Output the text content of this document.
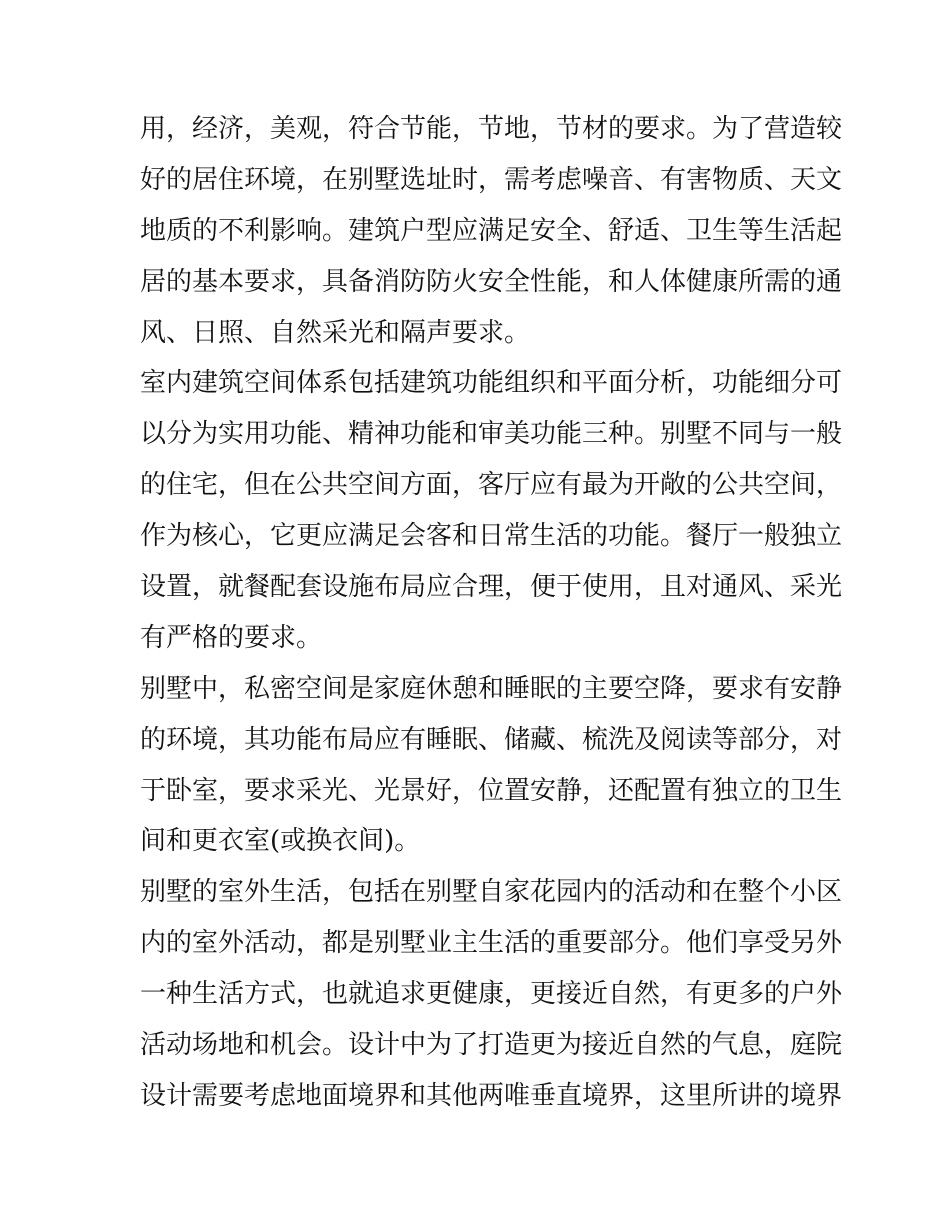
用，经济，美观，符合节能，节地，节材的要求。为了营造较
好的居住环境，在别墅选址时，需考虑噪音、有害物质、天文
地质的不利影响。建筑户型应满足安全、舒适、卫生等生活起
居的基本要求，具备消防防火安全性能，和人体健康所需的通
风、日照、自然采光和隔声要求。
室内建筑空间体系包括建筑功能组织和平面分析，功能细分可
以分为实用功能、精神功能和审美功能三种。别墅不同与一般
的住宅，但在公共空间方面，客厅应有最为开敞的公共空间，
作为核心，它更应满足会客和日常生活的功能。餐厅一般独立
设置，就餐配套设施布局应合理，便于使用，且对通风、采光
有严格的要求。
别墅中，私密空间是家庭休憩和睡眠的主要空降，要求有安静
的环境，其功能布局应有睡眠、储藏、梳洗及阅读等部分，对
于卧室，要求采光、光景好，位置安静，还配置有独立的卫生
间和更衣室(或换衣间)。
别墅的室外生活，包括在别墅自家花园内的活动和在整个小区
内的室外活动，都是别墅业主生活的重要部分。他们享受另外
一种生活方式，也就追求更健康，更接近自然，有更多的户外
活动场地和机会。设计中为了打造更为接近自然的气息，庭院
设计需要考虑地面境界和其他两唯垂直境界，这里所讲的境界
